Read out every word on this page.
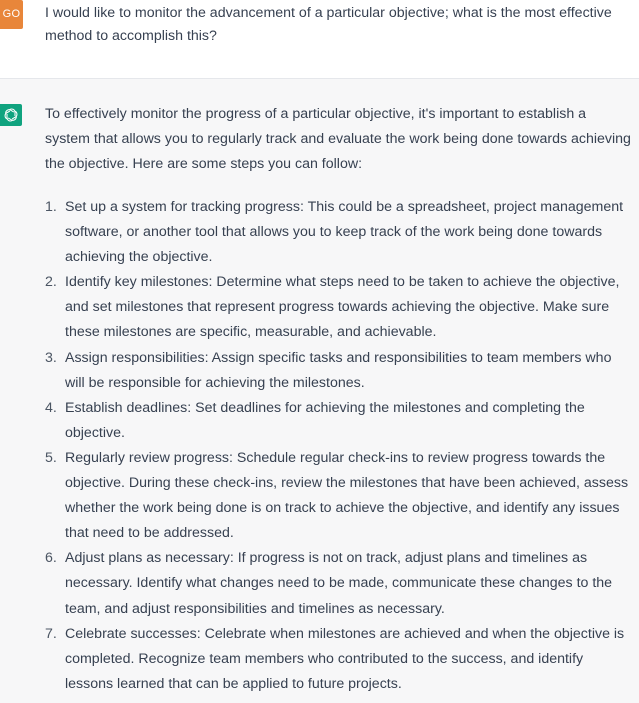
GO I would like to monitor the advancement of a particular objective; what is the most effective method to accomplish this?

To effectively monitor the progress of a particular objective, it's important to establish a system that allows you to regularly track and evaluate the work being done towards achieving the objective. Here are some steps you can follow:

1. Set up a system for tracking progress: This could be a spreadsheet, project management software, or another tool that allows you to keep track of the work being done towards achieving the objective.
2. Identify key milestones: Determine what steps need to be taken to achieve the objective, and set milestones that represent progress towards achieving the objective. Make sure these milestones are specific, measurable, and achievable.
3. Assign responsibilities: Assign specific tasks and responsibilities to team members who will be responsible for achieving the milestones.
4. Establish deadlines: Set deadlines for achieving the milestones and completing the objective.
5. Regularly review progress: Schedule regular check-ins to review progress towards the objective. During these check-ins, review the milestones that have been achieved, assess whether the work being done is on track to achieve the objective, and identify any issues that need to be addressed.
6. Adjust plans as necessary: If progress is not on track, adjust plans and timelines as necessary. Identify what changes need to be made, communicate these changes to the team, and adjust responsibilities and timelines as necessary.
7. Celebrate successes: Celebrate when milestones are achieved and when the objective is completed. Recognize team members who contributed to the success, and identify lessons learned that can be applied to future projects.
